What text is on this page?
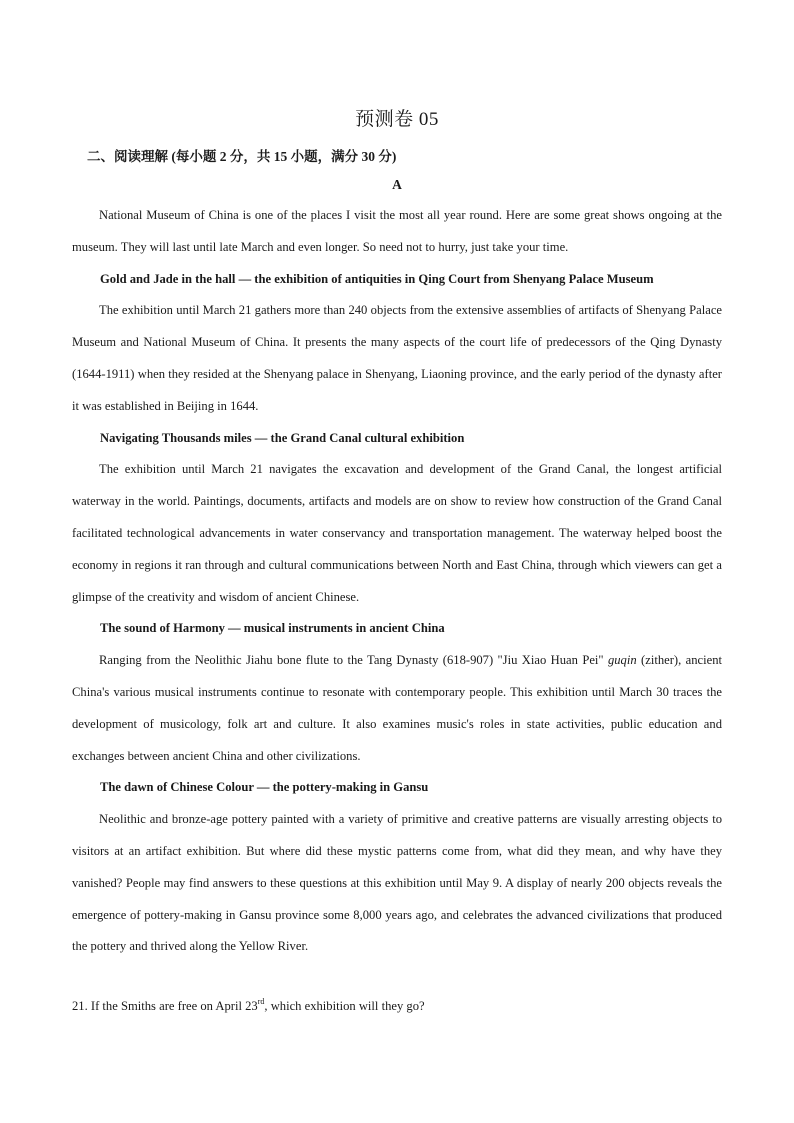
预测卷 05
二、阅读理解 (每小题 2 分，共 15 小题，满分 30 分)
A

National Museum of China is one of the places I visit the most all year round. Here are some great shows ongoing at the museum. They will last until late March and even longer. So need not to hurry, just take your time.

Gold and Jade in the hall — the exhibition of antiquities in Qing Court from Shenyang Palace Museum

The exhibition until March 21 gathers more than 240 objects from the extensive assemblies of artifacts of Shenyang Palace Museum and National Museum of China. It presents the many aspects of the court life of predecessors of the Qing Dynasty (1644-1911) when they resided at the Shenyang palace in Shenyang, Liaoning province, and the early period of the dynasty after it was established in Beijing in 1644.

Navigating Thousands miles — the Grand Canal cultural exhibition

The exhibition until March 21 navigates the excavation and development of the Grand Canal, the longest artificial waterway in the world. Paintings, documents, artifacts and models are on show to review how construction of the Grand Canal facilitated technological advancements in water conservancy and transportation management. The waterway helped boost the economy in regions it ran through and cultural communications between North and East China, through which viewers can get a glimpse of the creativity and wisdom of ancient Chinese.

The sound of Harmony — musical instruments in ancient China

Ranging from the Neolithic Jiahu bone flute to the Tang Dynasty (618-907) "Jiu Xiao Huan Pei" guqin (zither), ancient China's various musical instruments continue to resonate with contemporary people. This exhibition until March 30 traces the development of musicology, folk art and culture. It also examines music's roles in state activities, public education and exchanges between ancient China and other civilizations.

The dawn of Chinese Colour — the pottery-making in Gansu

Neolithic and bronze-age pottery painted with a variety of primitive and creative patterns are visually arresting objects to visitors at an artifact exhibition. But where did these mystic patterns come from, what did they mean, and why have they vanished? People may find answers to these questions at this exhibition until May 9. A display of nearly 200 objects reveals the emergence of pottery-making in Gansu province some 8,000 years ago, and celebrates the advanced civilizations that produced the pottery and thrived along the Yellow River.

21. If the Smiths are free on April 23rd, which exhibition will they go?
